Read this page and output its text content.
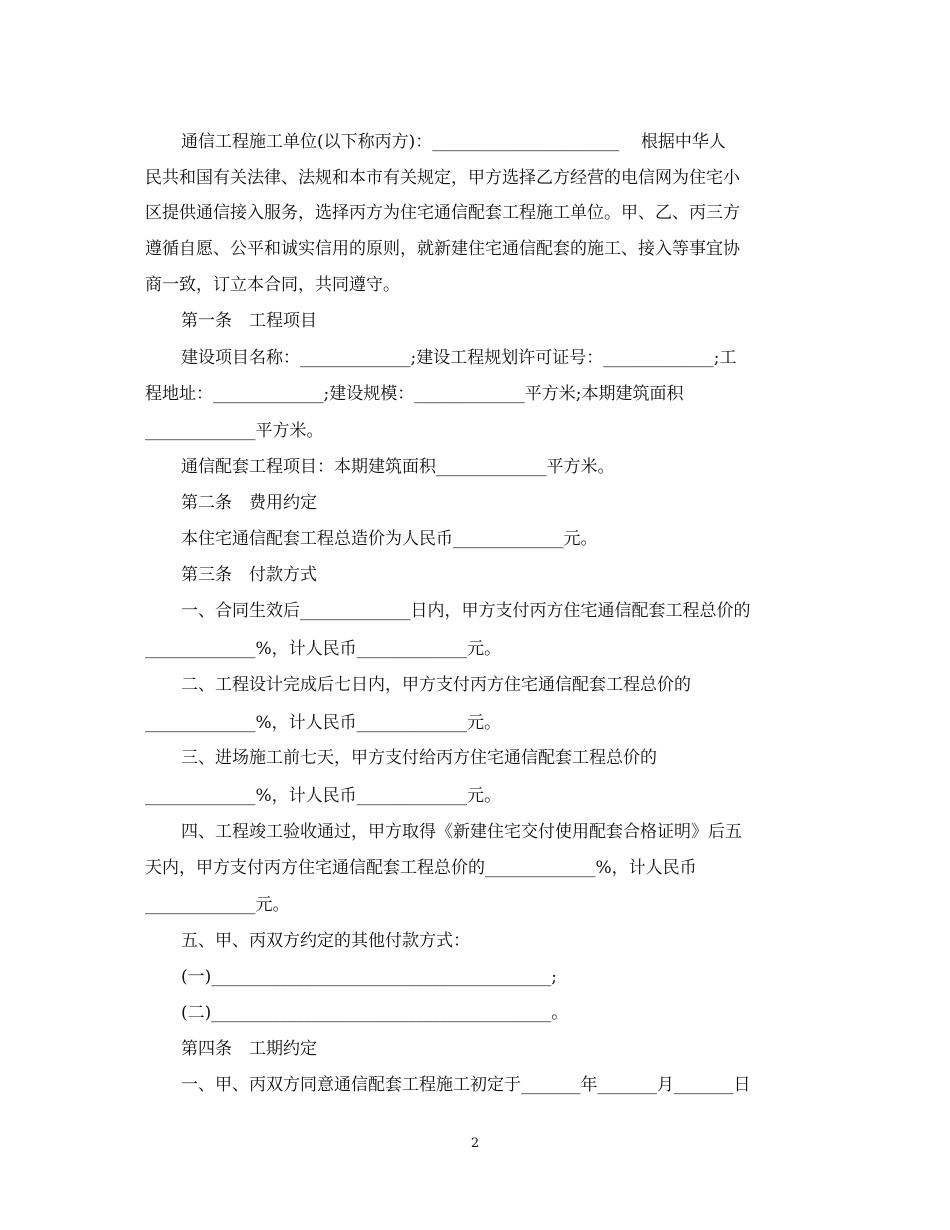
通信工程施工单位(以下称丙方)：______________________    根据中华人
民共和国有关法律、法规和本市有关规定，甲方选择乙方经营的电信网为住宅小
区提供通信接入服务，选择丙方为住宅通信配套工程施工单位。甲、乙、丙三方
遵循自愿、公平和诚实信用的原则，就新建住宅通信配套的施工、接入等事宜协
商一致，订立本合同，共同遵守。
第一条　工程项目
建设项目名称：_____________;建设工程规划许可证号：_____________;工
程地址：_____________;建设规模：_____________平方米;本期建筑面积
_____________平方米。
通信配套工程项目：本期建筑面积_____________平方米。
第二条　费用约定
本住宅通信配套工程总造价为人民币_____________元。
第三条　付款方式
一、合同生效后_____________日内，甲方支付丙方住宅通信配套工程总价的
_____________%，计人民币_____________元。
二、工程设计完成后七日内，甲方支付丙方住宅通信配套工程总价的
_____________%，计人民币_____________元。
三、进场施工前七天，甲方支付给丙方住宅通信配套工程总价的
_____________%，计人民币_____________元。
四、工程竣工验收通过，甲方取得《新建住宅交付使用配套合格证明》后五
天内，甲方支付丙方住宅通信配套工程总价的_____________%，计人民币
_____________元。
五、甲、丙双方约定的其他付款方式：
(一)________________________________________;
(二)________________________________________。
第四条　工期约定
一、甲、丙双方同意通信配套工程施工初定于_______年_______月_______日
2
